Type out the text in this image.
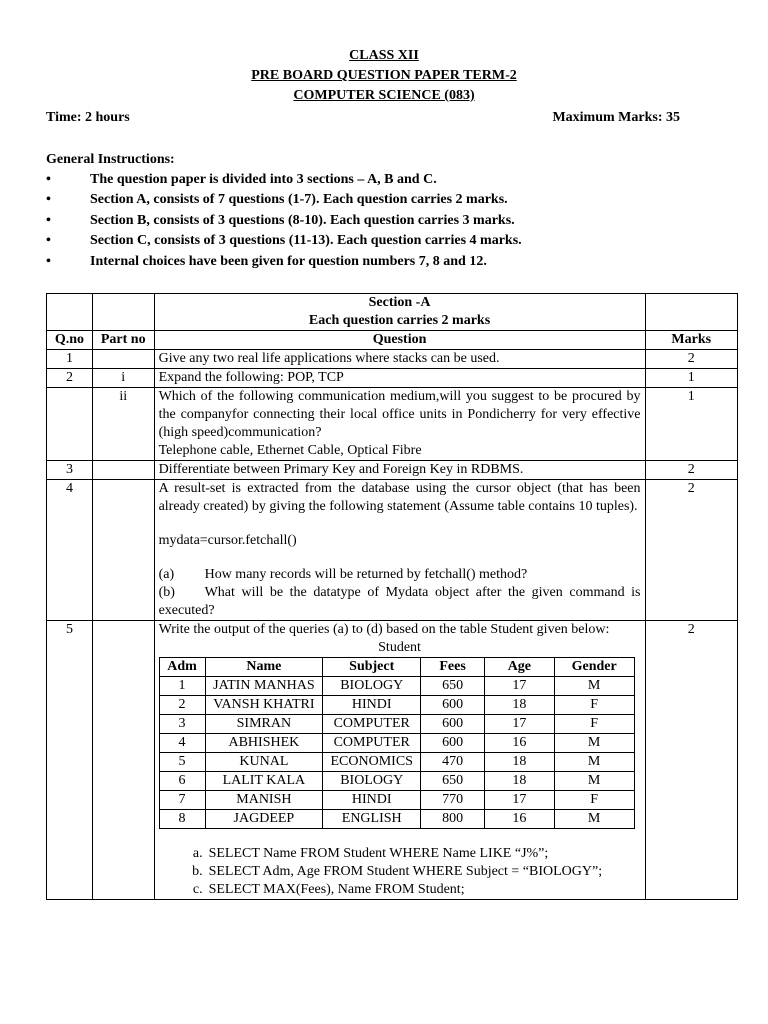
CLASS XII
PRE BOARD QUESTION PAPER TERM-2
COMPUTER SCIENCE (083)
Time: 2 hours	Maximum Marks: 35
General Instructions:
•	The question paper is divided into 3 sections – A, B and C.
•	Section A, consists of 7 questions (1-7). Each question carries 2 marks.
•	Section B, consists of 3 questions (8-10). Each question carries 3 marks.
•	Section C, consists of 3 questions (11-13). Each question carries 4 marks.
•	Internal choices have been given for question numbers 7, 8 and 12.

Section -A

Each question carries 2 marks

Q.no	Part no	Question	Marks
1		Give any two real life applications where stacks can be used.	2
2	i	Expand the following: POP, TCP	1
	ii	Which of the following communication medium,will you suggest to be procured by the companyfor connecting their local office units in Pondicherry for very effective (high speed)communication?

Telephone cable, Ethernet Cable, Optical Fibre

	1
3		Differentiate between Primary Key and Foreign Key in RDBMS.	2
4		A result-set is extracted from the database using the cursor object (that has been already created) by giving the following statement (Assume table contains 10 tuples).

mydata=cursor.fetchall()

(a)	How many records will be returned by fetchall() method?
(b) What will be the datatype of Mydata object after the given command is executed?
	2
5		Write the output of the queries (a) to (d) based on the table Student given below:

Student

Adm	Name	Subject	Fees	Age	Gender
1	JATIN MANHAS	BIOLOGY	650	17	M
2	VANSH KHATRI	HINDI	600	18	F
3	SIMRAN	COMPUTER	600	17	F
4	ABHISHEK	COMPUTER	600	16	M
5	KUNAL	ECONOMICS	470	18	M
6	LALIT KALA	BIOLOGY	650	18	M
7	MANISH	HINDI	770	17	F
8	JAGDEEP	ENGLISH	800	16	M

a. SELECT Name FROM Student WHERE Name LIKE “J%”;
b. SELECT Adm, Age FROM Student WHERE Subject = “BIOLOGY”;
c. SELECT MAX(Fees), Name FROM Student;
	2
